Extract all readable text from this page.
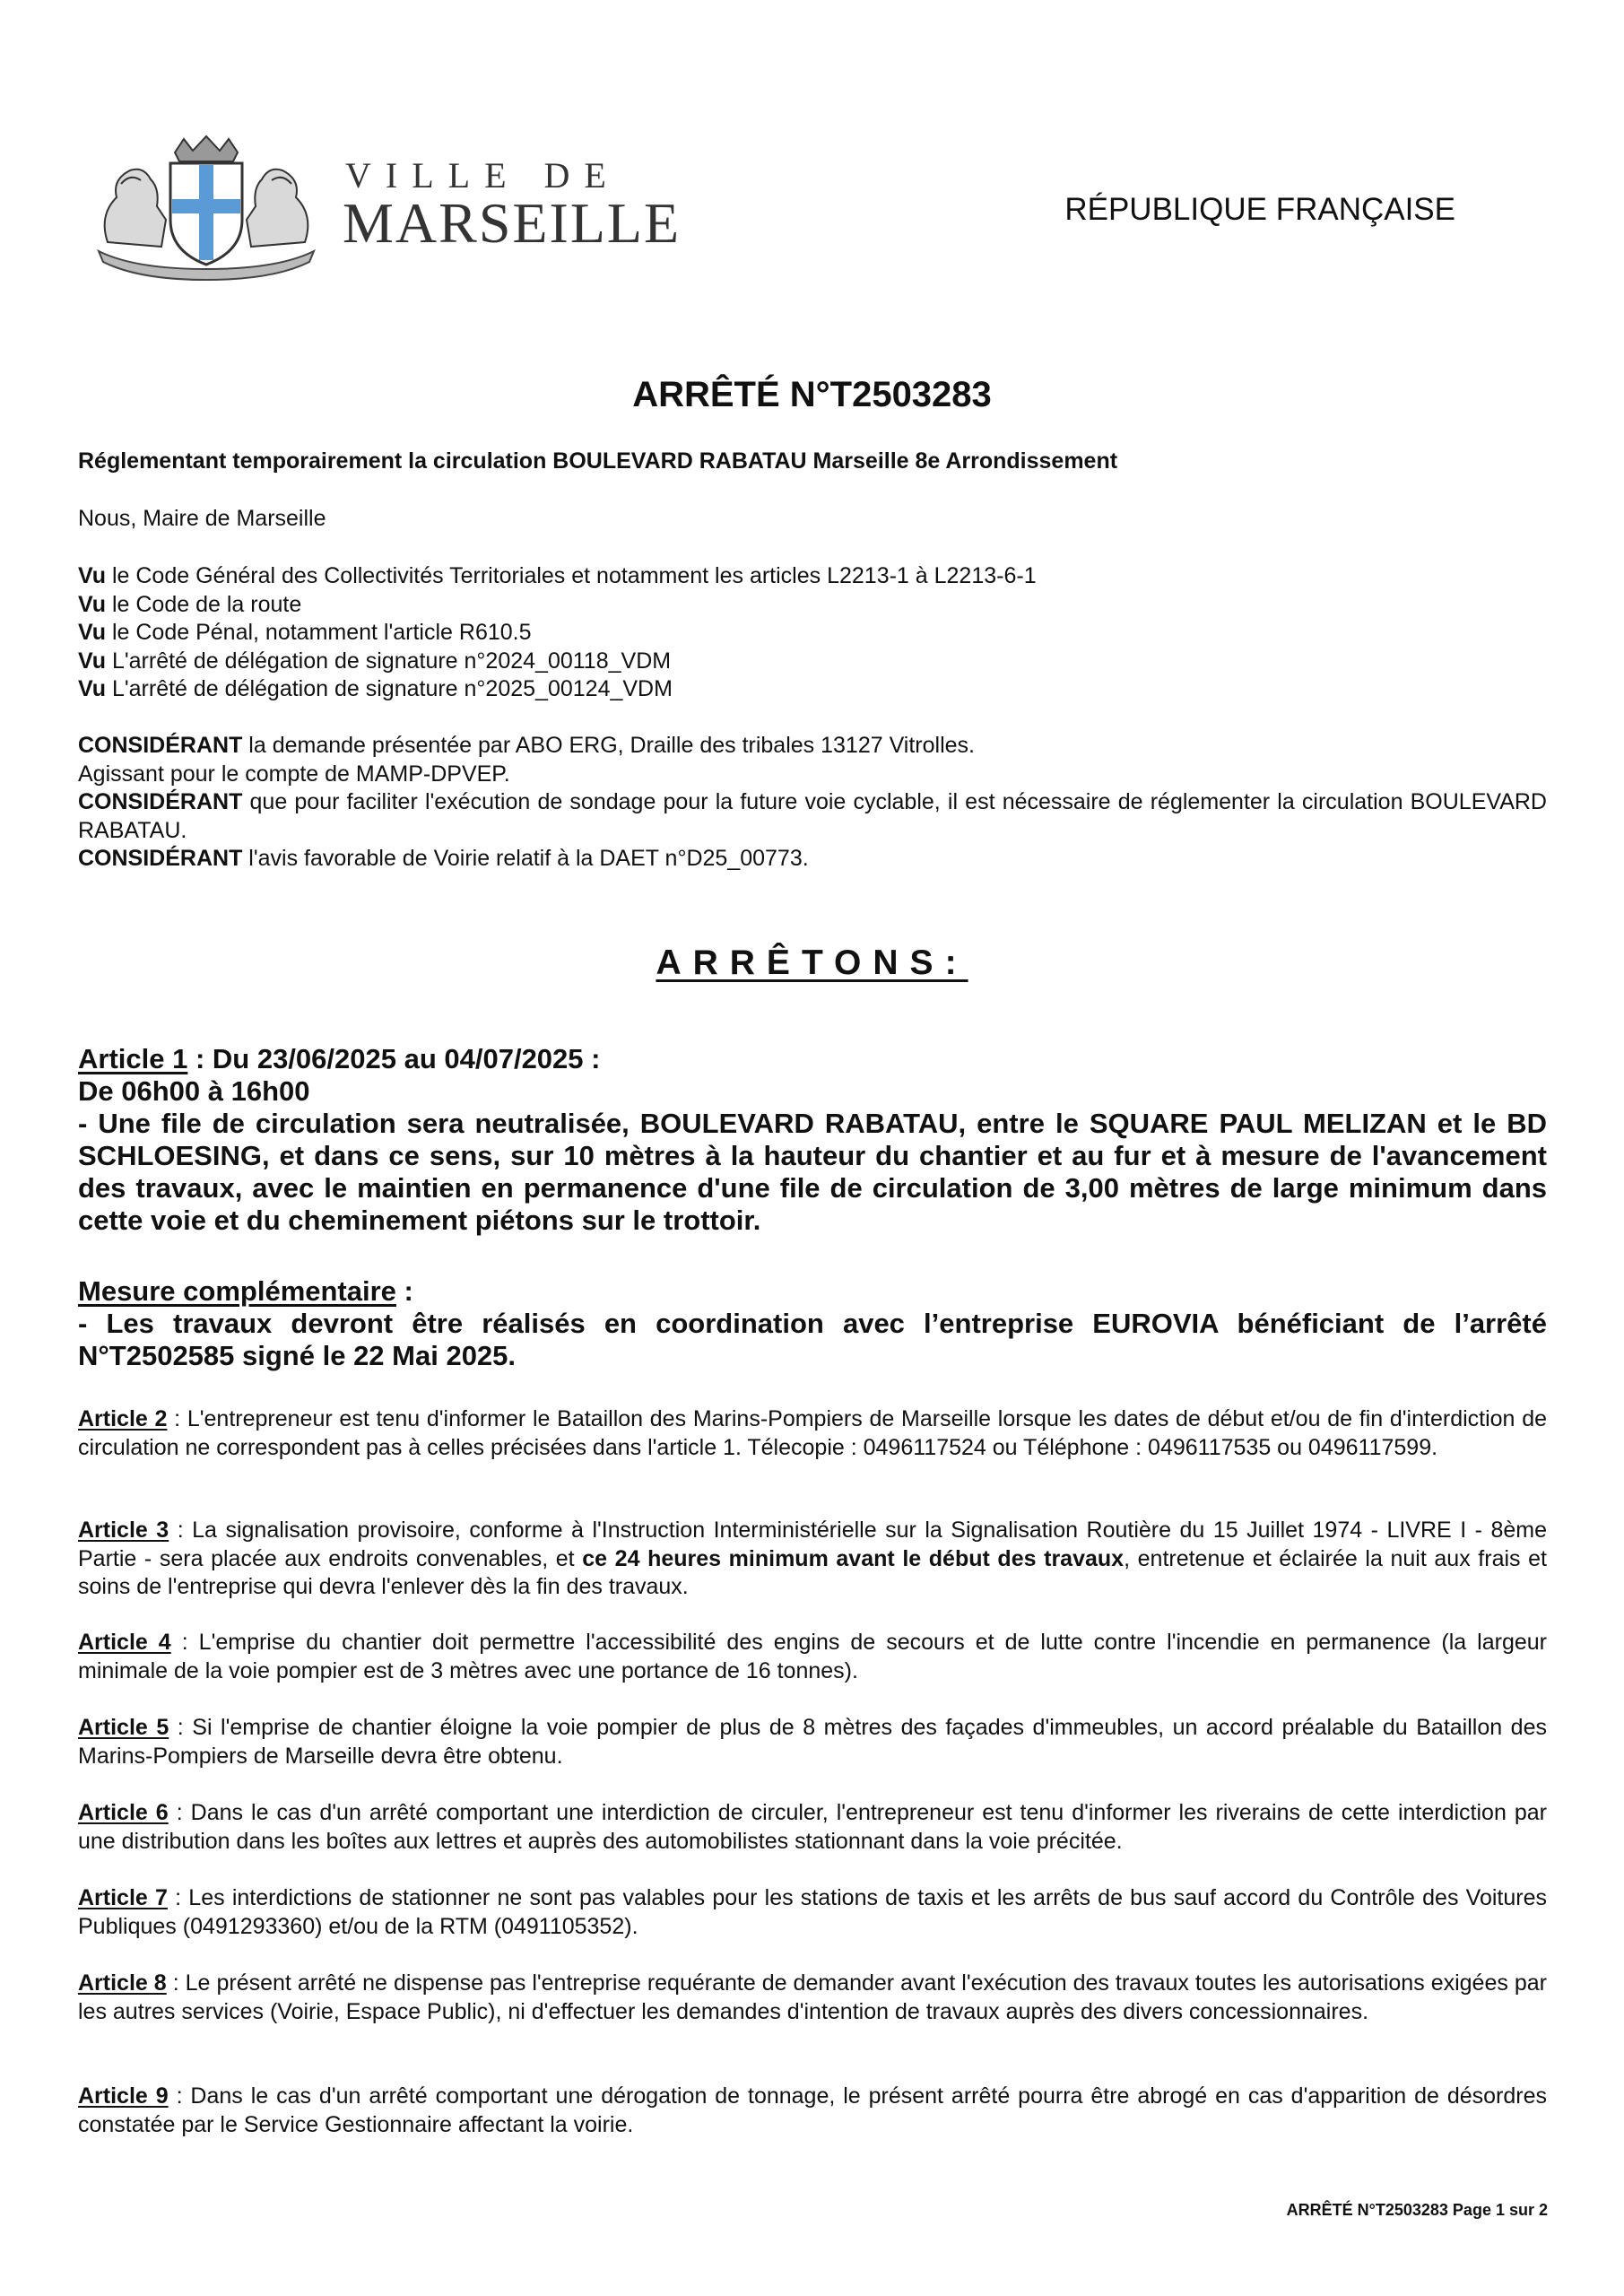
VILLE DE
MARSEILLE	RÉPUBLIQUE FRANÇAISE
ARRÊTÉ N°T2503283
Réglementant temporairement la circulation BOULEVARD RABATAU Marseille 8e Arrondissement
Nous, Maire de Marseille
Vu le Code Général des Collectivités Territoriales et notamment les articles L2213-1 à L2213-6-1
Vu le Code de la route
Vu le Code Pénal, notamment l'article R610.5
Vu L'arrêté de délégation de signature n°2024_00118_VDM
Vu L'arrêté de délégation de signature n°2025_00124_VDM
CONSIDÉRANT la demande présentée par ABO ERG, Draille des tribales 13127 Vitrolles.
Agissant pour le compte de MAMP-DPVEP.
CONSIDÉRANT que pour faciliter l'exécution de sondage pour la future voie cyclable, il est nécessaire de réglementer la circulation BOULEVARD RABATAU.
CONSIDÉRANT l'avis favorable de Voirie relatif à la DAET n°D25_00773.
ARRÊTONS:
Article 1 : Du 23/06/2025 au 04/07/2025 :
De 06h00 à 16h00
- Une file de circulation sera neutralisée, BOULEVARD RABATAU, entre le SQUARE PAUL MELIZAN et le BD SCHLOESING, et dans ce sens, sur 10 mètres à la hauteur du chantier et au fur et à mesure de l'avancement des travaux, avec le maintien en permanence d'une file de circulation de 3,00 mètres de large minimum dans cette voie et du cheminement piétons sur le trottoir.
Mesure complémentaire :
- Les travaux devront être réalisés en coordination avec l’entreprise EUROVIA bénéficiant de l’arrêté N°T2502585 signé le 22 Mai 2025.
Article 2 : L'entrepreneur est tenu d'informer le Bataillon des Marins-Pompiers de Marseille lorsque les dates de début et/ou de fin d'interdiction de circulation ne correspondent pas à celles précisées dans l'article 1. Télecopie : 0496117524 ou Téléphone : 0496117535 ou 0496117599.
Article 3 : La signalisation provisoire, conforme à l'Instruction Interministérielle sur la Signalisation Routière du 15 Juillet 1974 - LIVRE I - 8ème Partie - sera placée aux endroits convenables, et ce 24 heures minimum avant le début des travaux, entretenue et éclairée la nuit aux frais et soins de l'entreprise qui devra l'enlever dès la fin des travaux.
Article 4 : L'emprise du chantier doit permettre l'accessibilité des engins de secours et de lutte contre l'incendie en permanence (la largeur minimale de la voie pompier est de 3 mètres avec une portance de 16 tonnes).
Article 5 : Si l'emprise de chantier éloigne la voie pompier de plus de 8 mètres des façades d'immeubles, un accord préalable du Bataillon des Marins-Pompiers de Marseille devra être obtenu.
Article 6 : Dans le cas d'un arrêté comportant une interdiction de circuler, l'entrepreneur est tenu d'informer les riverains de cette interdiction par une distribution dans les boîtes aux lettres et auprès des automobilistes stationnant dans la voie précitée.
Article 7 : Les interdictions de stationner ne sont pas valables pour les stations de taxis et les arrêts de bus sauf accord du Contrôle des Voitures Publiques (0491293360) et/ou de la RTM (0491105352).
Article 8 : Le présent arrêté ne dispense pas l'entreprise requérante de demander avant l'exécution des travaux toutes les autorisations exigées par les autres services (Voirie, Espace Public), ni d'effectuer les demandes d'intention de travaux auprès des divers concessionnaires.
Article 9 : Dans le cas d'un arrêté comportant une dérogation de tonnage, le présent arrêté pourra être abrogé en cas d'apparition de désordres constatée par le Service Gestionnaire affectant la voirie.
ARRÊTÉ N°T2503283 Page 1 sur 2
